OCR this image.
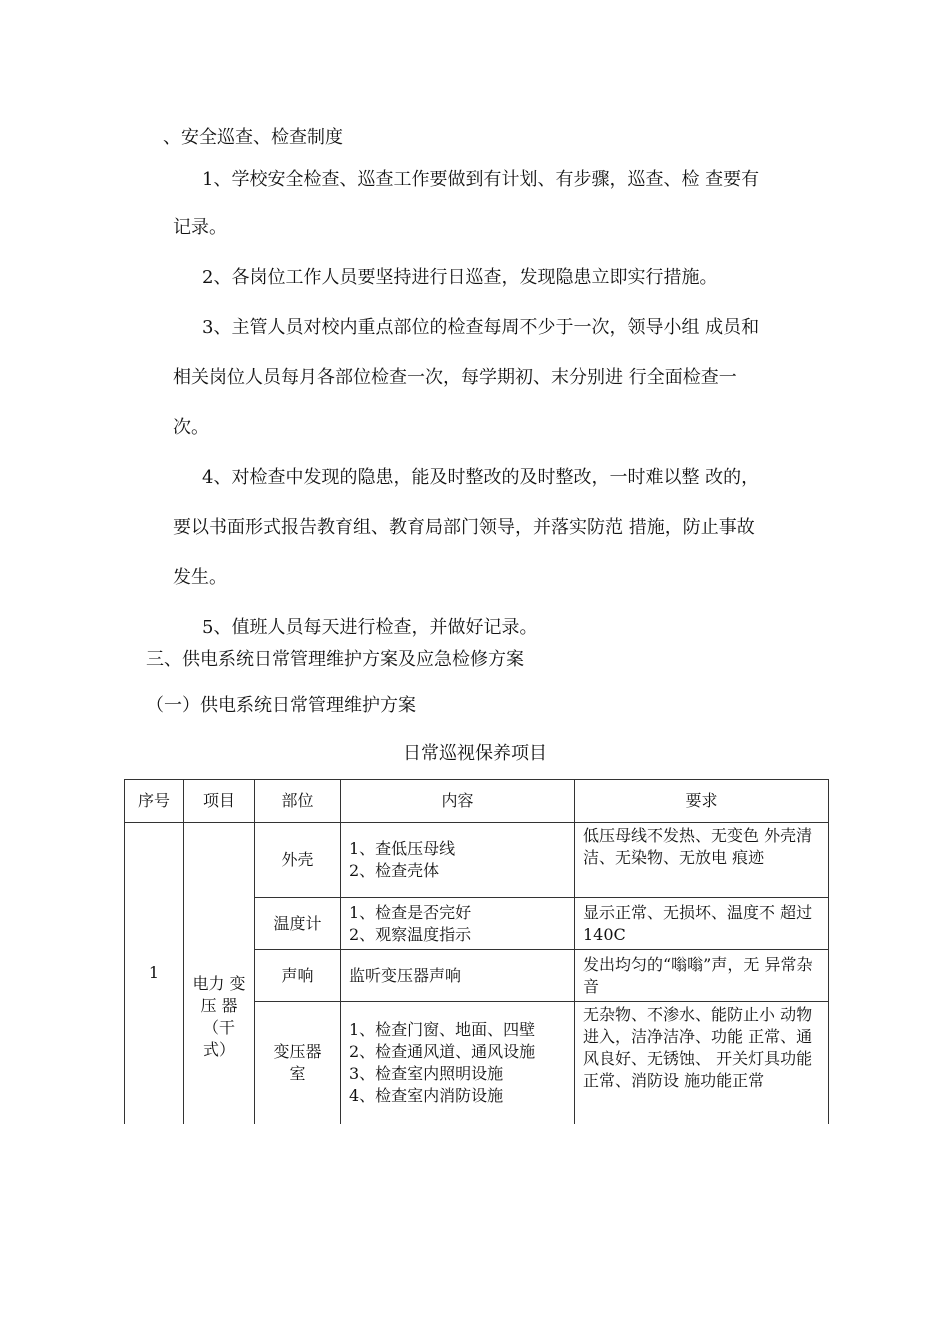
、安全巡查、检查制度
1、学校安全检查、巡查工作要做到有计划、有步骤，巡查、检 查要有
记录。
2、各岗位工作人员要坚持进行日巡查，发现隐患立即实行措施。
3、主管人员对校内重点部位的检查每周不少于一次，领导小组 成员和
相关岗位人员每月各部位检查一次，每学期初、末分别进 行全面检查一
次。
4、对检查中发现的隐患，能及时整改的及时整改，一时难以整 改的，
要以书面形式报告教育组、教育局部门领导，并落实防范 措施，防止事故
发生。
5、值班人员每天进行检查，并做好记录。
三、供电系统日常管理维护方案及应急检修方案
（一）供电系统日常管理维护方案
日常巡视保养项目
序号	项目	部位	内容	要求
1	电力 变
压 器
（干
式）	外壳	1、查低压母线
2、检查壳体	低压母线不发热、无变色 外壳清洁、无染物、无放电 痕迹
		温度计	1、检查是否完好
2、观察温度指示	显示正常、无损坏、温度不 超过140C
		声响	监听变压器声响	发出均匀的“嗡嗡”声，无 异常杂音
		变压器 室	1、检查门窗、地面、四壁
2、检查通风道、通风设施
3、检查室内照明设施
4、检查室内消防设施	无杂物、不渗水、能防止小 动物进入，洁净洁净、功能 正常、通风良好、无锈蚀、 开关灯具功能正常、消防设 施功能正常
